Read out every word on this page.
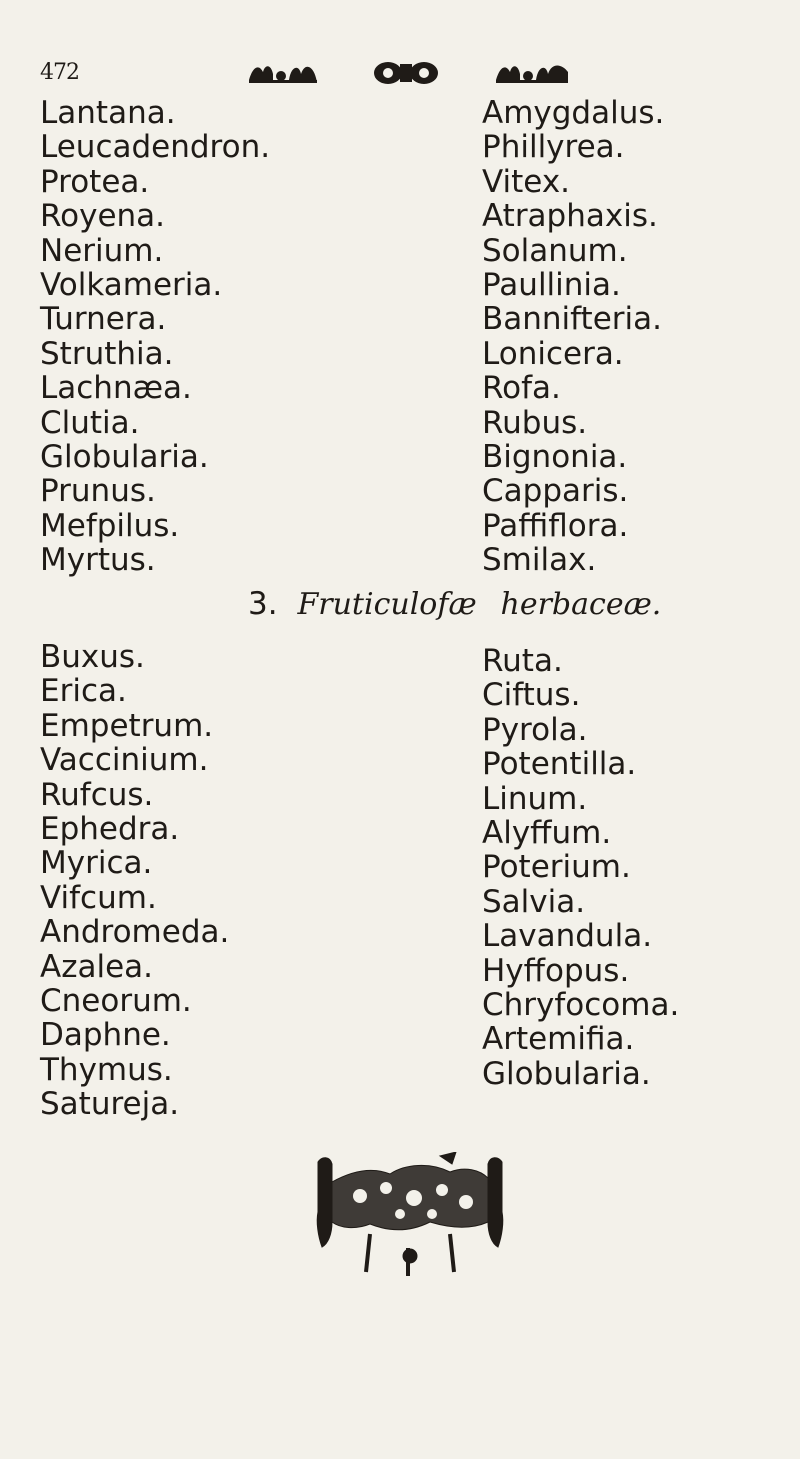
472
Lantana.
Leucadendron.
Protea.
Royena.
Nerium.
Volkameria.
Turnera.
Struthia.
Lachnæa.
Clutia.
Globularia.
Prunus.
Mefpilus.
Myrtus.
Amygdalus.
Phillyrea.
Vitex.
Atraphaxis.
Solanum.
Paullinia.
Bannifteria.
Lonicera.
Rofa.
Rubus.
Bignonia.
Capparis.
Paffiflora.
Smilax.
3. Fruticulofæ herbaceæ.
Buxus.
Erica.
Empetrum.
Vaccinium.
Rufcus.
Ephedra.
Myrica.
Vifcum.
Andromeda.
Azalea.
Cneorum.
Daphne.
Thymus.
Satureja.
Ruta.
Ciftus.
Pyrola.
Potentilla.
Linum.
Alyffum.
Poterium.
Salvia.
Lavandula.
Hyffopus.
Chryfocoma.
Artemifia.
Globularia.
